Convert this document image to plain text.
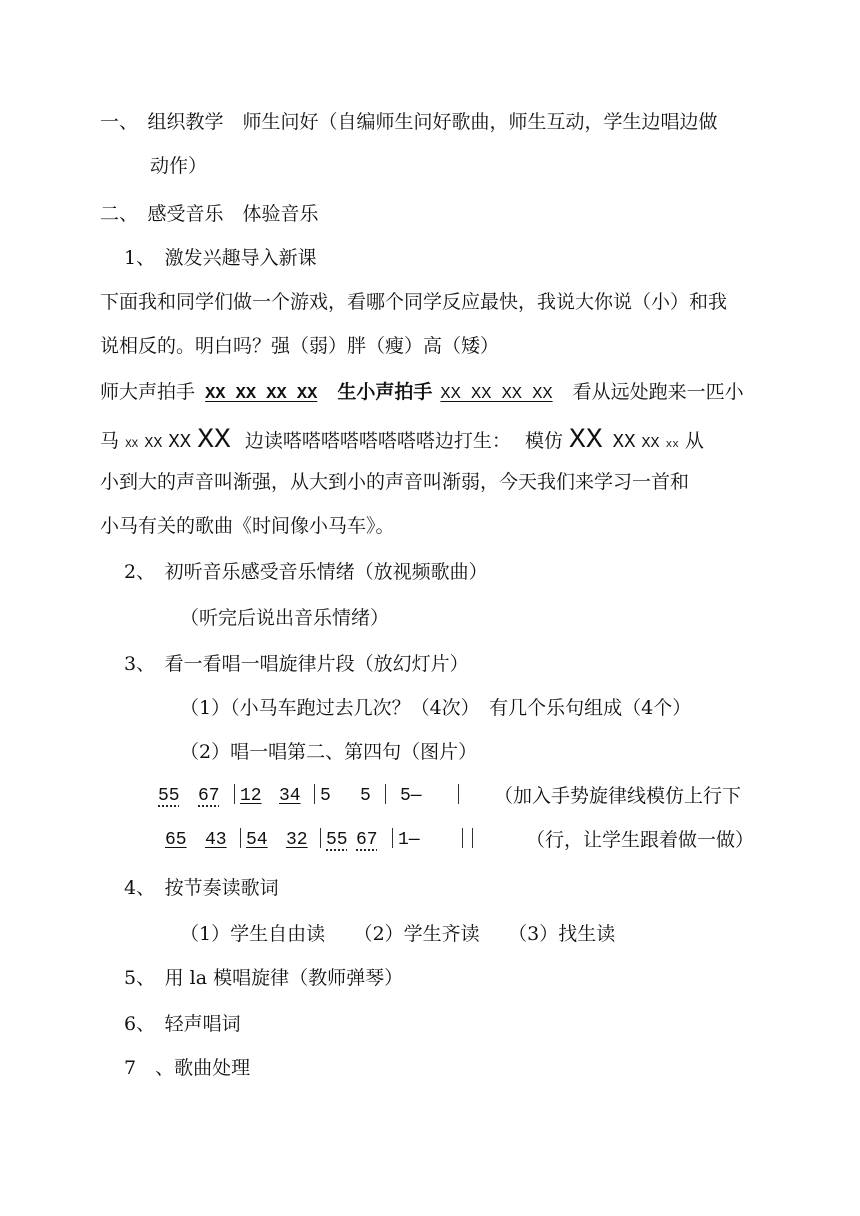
一、　组织教学　师生问好（自编师生问好歌曲，师生互动，学生边唱边做
动作）
二、　感受音乐　体验音乐
1、　激发兴趣导入新课
下面我和同学们做一个游戏，看哪个同学反应最快，我说大你说（小）和我
说相反的。明白吗？强（弱）胖（瘦）高（矮）
师大声拍手 XX XX XX XX 生小声拍手 XX XX XX XX 看从远处跑来一匹小
马 XX XX XX XX 边读嗒嗒嗒嗒嗒嗒嗒嗒边打生： 模仿 XX XX XX xx 从
小到大的声音叫渐强，从大到小的声音叫渐弱，今天我们来学习一首和
小马有关的歌曲《时间像小马车》。
2、　初听音乐感受音乐情绪（放视频歌曲）
（听完后说出音乐情绪）
3、　看一看唱一唱旋律片段（放幻灯片）
（1）（小马车跑过去几次？（4次）　有几个乐句组成（4个）
（2）唱一唱第二、第四句（图片）
55 67 12 34 5 5 5—	（加入手势旋律线模仿上行下
65 43 54 32 55 67 1—	（行，让学生跟着做一做）
4、　按节奏读歌词
（1）学生自由读　　（2）学生齐读　　（3）找生读
5、　用 la 模唱旋律（教师弹琴）
6、　轻声唱词
7　、歌曲处理
